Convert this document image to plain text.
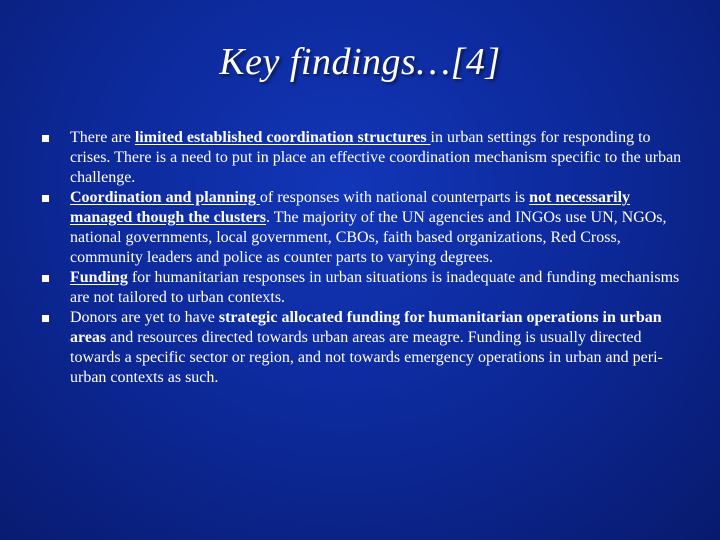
Key findings…[4]
There are limited established coordination structures in urban settings for responding to crises. There is a need to put in place an effective coordination mechanism specific to the urban challenge.
Coordination and planning of responses with national counterparts is not necessarily managed though the clusters. The majority of the UN agencies and INGOs use UN, NGOs, national governments, local government, CBOs, faith based organizations, Red Cross, community leaders and police as counter parts to varying degrees.
Funding for humanitarian responses in urban situations is inadequate and funding mechanisms are not tailored to urban contexts.
Donors are yet to have strategic allocated funding for humanitarian operations in urban areas and resources directed towards urban areas are meagre. Funding is usually directed towards a specific sector or region, and not towards emergency operations in urban and peri-urban contexts as such.
